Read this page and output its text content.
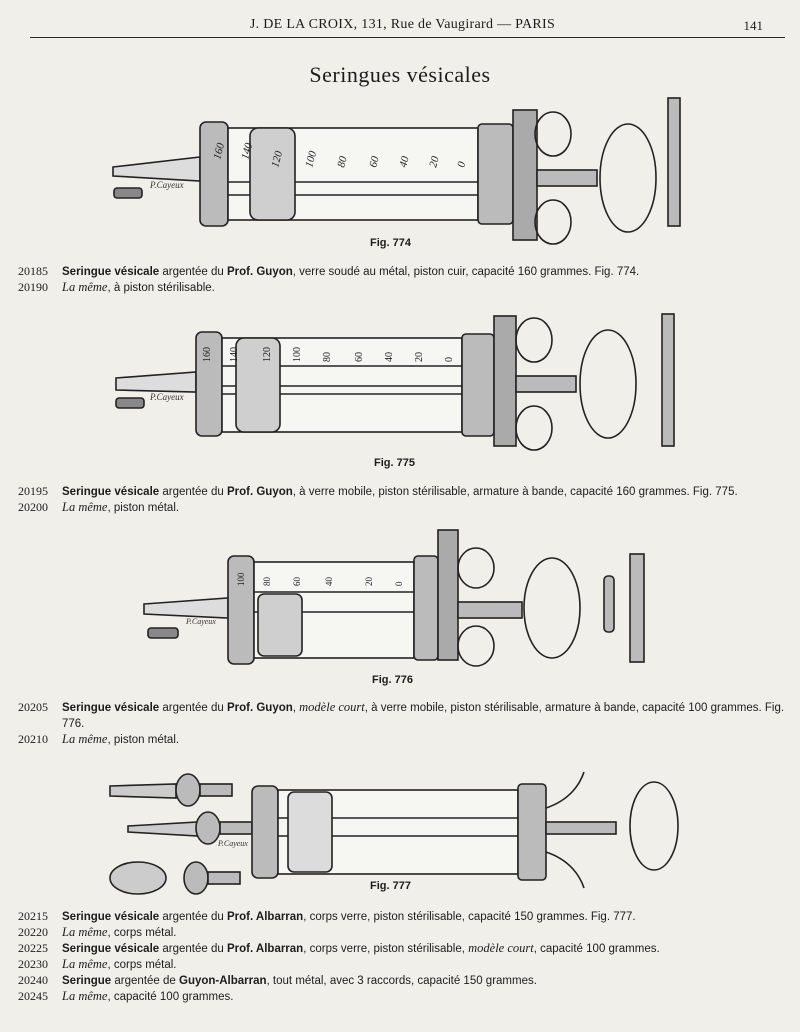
J. DE LA CROIX, 131, Rue de Vaugirard — PARIS	141
Seringues vésicales
160 140 120 100 80 60 40 20 0
P.Cayeux
Fig. 774
20185	Seringue vésicale argentée du Prof. Guyon, verre soudé au métal, piston cuir, capacité 160 grammes. Fig. 774.
20190	La même, à piston stérilisable.
160 140 120 100 80 60 40 20 0
P.Cayeux
Fig. 775
20195	Seringue vésicale argentée du Prof. Guyon, à verre mobile, piston stérilisable, armature à bande, capacité 160 grammes. Fig. 775.
20200	La même, piston métal.
100 80 60 40	20 0
P.Cayeux
Fig. 776
20205	Seringue vésicale argentée du Prof. Guyon, modèle court, à verre mobile, piston stérilisable, armature à bande, capacité 100 grammes. Fig. 776.
20210	La même, piston métal.
P.Cayeux
Fig. 777
20215	Seringue vésicale argentée du Prof. Albarran, corps verre, piston stérilisable, capacité 150 grammes. Fig. 777.
20220	La même, corps métal.
20225	Seringue vésicale argentée du Prof. Albarran, corps verre, piston stérilisable, modèle court, capacité 100 grammes.
20230	La même, corps métal.
20240	Seringue argentée de Guyon-Albarran, tout métal, avec 3 raccords, capacité 150 grammes.
20245	La même, capacité 100 grammes.
